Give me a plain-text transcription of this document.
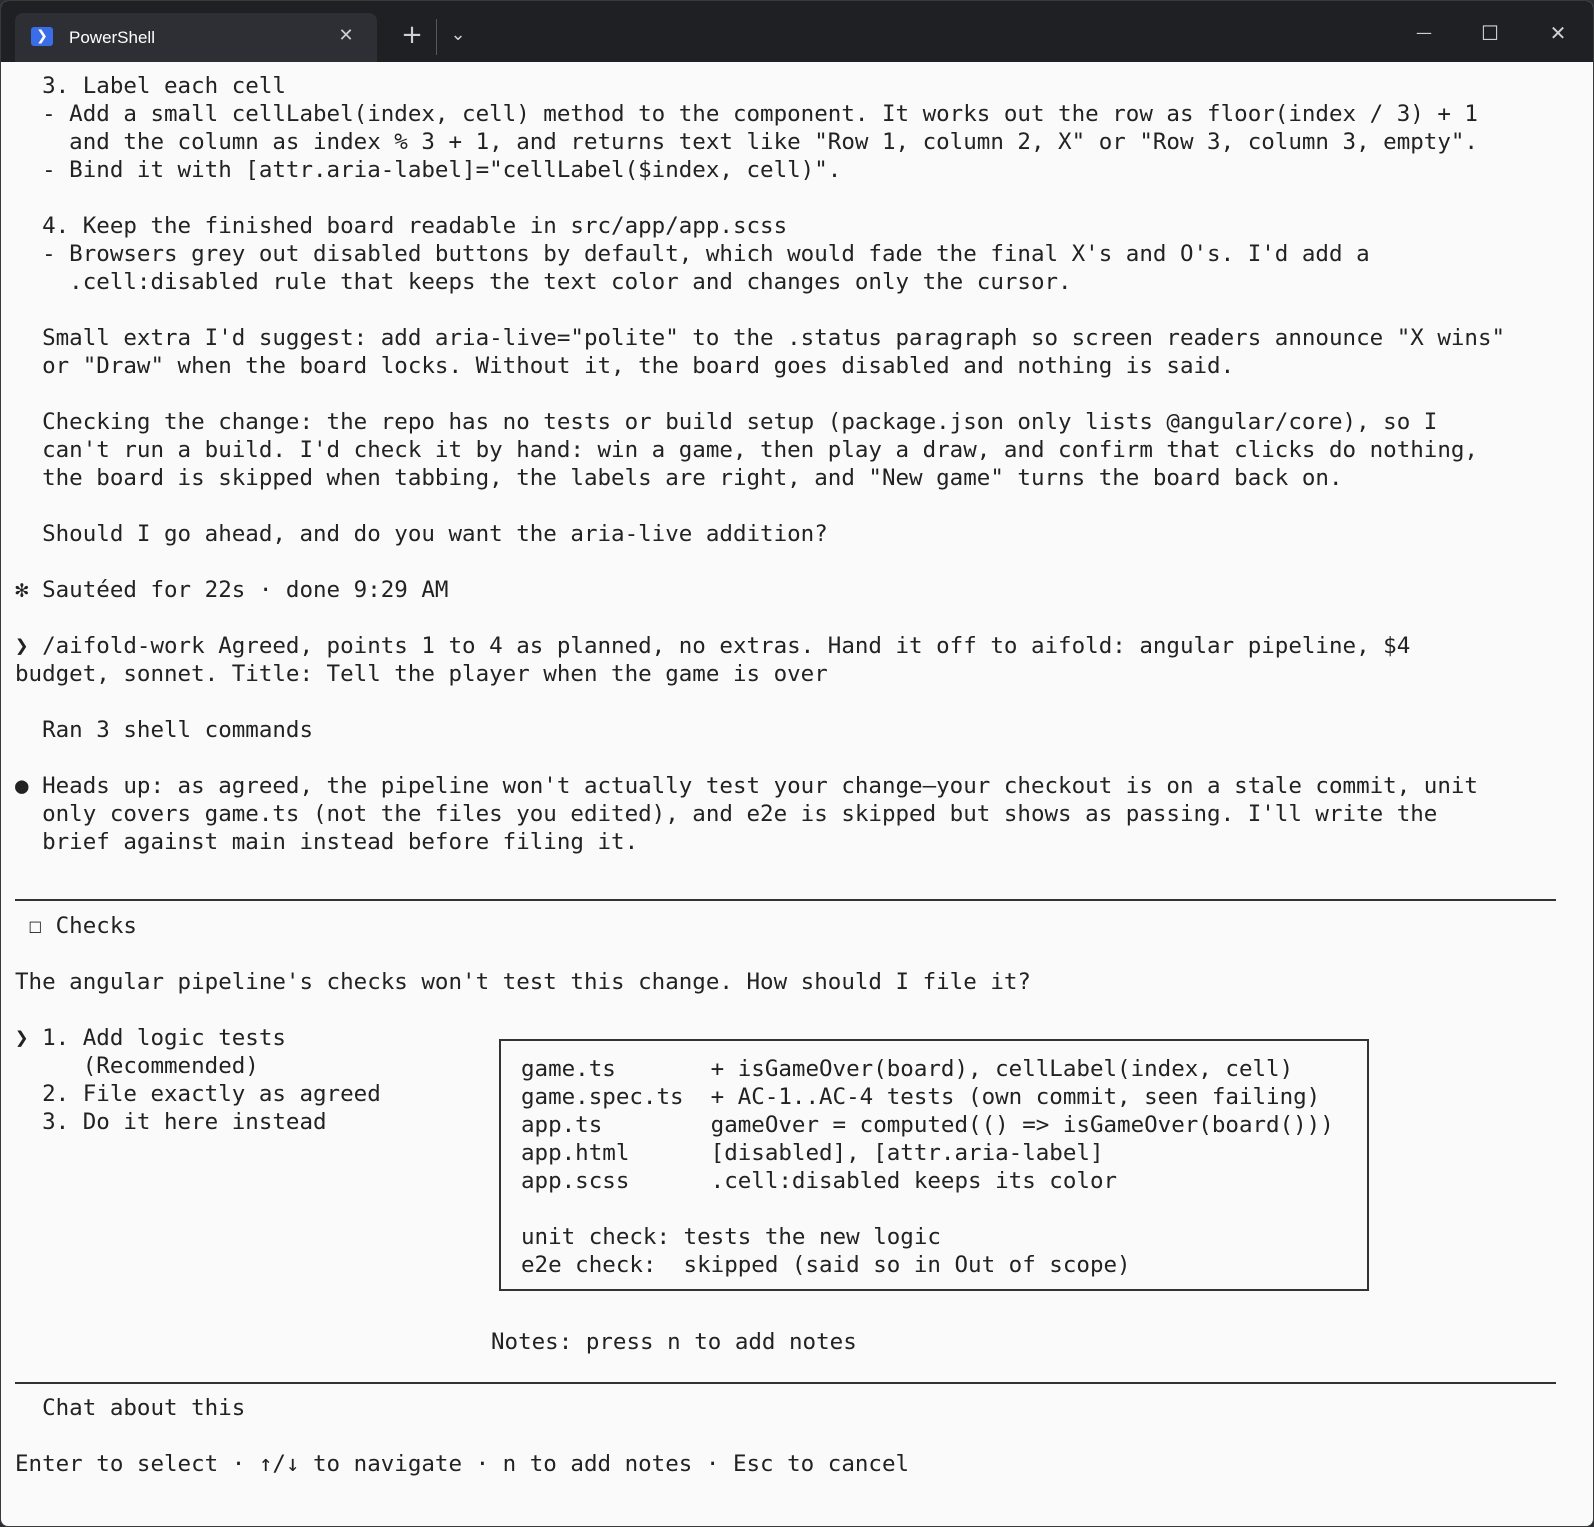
❯	PowerShell	✕ +	⌄	—	☐	✕
3. Label each cell
- Add a small cellLabel(index, cell) method to the component. It works out the row as floor(index / 3) + 1
and the column as index % 3 + 1, and returns text like "Row 1, column 2, X" or "Row 3, column 3, empty".
- Bind it with [attr.aria-label]="cellLabel($index, cell)".
4. Keep the finished board readable in src/app/app.scss
- Browsers grey out disabled buttons by default, which would fade the final X's and O's. I'd add a
.cell:disabled rule that keeps the text color and changes only the cursor.
Small extra I'd suggest: add aria-live="polite" to the .status paragraph so screen readers announce "X wins"
or "Draw" when the board locks. Without it, the board goes disabled and nothing is said.
Checking the change: the repo has no tests or build setup (package.json only lists @angular/core), so I
can't run a build. I'd check it by hand: win a game, then play a draw, and confirm that clicks do nothing,
the board is skipped when tabbing, the labels are right, and "New game" turns the board back on.
Should I go ahead, and do you want the aria-live addition?
✻ Sautéed for 22s · done 9:29 AM
❯ /aifold-work Agreed, points 1 to 4 as planned, no extras. Hand it off to aifold: angular pipeline, $4
budget, sonnet. Title: Tell the player when the game is over
Ran 3 shell commands
● Heads up: as agreed, the pipeline won't actually test your change—your checkout is on a stale commit, unit
only covers game.ts (not the files you edited), and e2e is skipped but shows as passing. I'll write the
brief against main instead before filing it.
☐ Checks
The angular pipeline's checks won't test this change. How should I file it?
❯ 1. Add logic tests
(Recommended)
2. File exactly as agreed
3. Do it here instead
game.ts       + isGameOver(board), cellLabel(index, cell)
game.spec.ts  + AC-1..AC-4 tests (own commit, seen failing)
app.ts        gameOver = computed(() => isGameOver(board()))
app.html      [disabled], [attr.aria-label]
app.scss      .cell:disabled keeps its color
unit check: tests the new logic
e2e check:  skipped (said so in Out of scope)
Notes: press n to add notes
Chat about this
Enter to select · ↑/↓ to navigate · n to add notes · Esc to cancel
